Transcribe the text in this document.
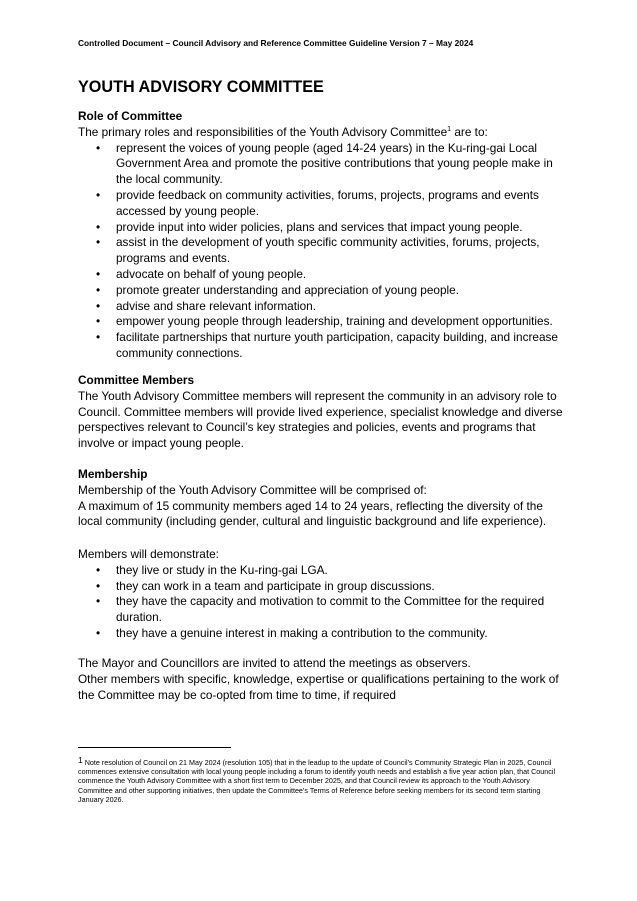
Controlled Document – Council Advisory and Reference Committee Guideline Version 7 – May 2024
YOUTH ADVISORY COMMITTEE

Role of Committee

The primary roles and responsibilities of the Youth Advisory Committee$^1$ are to:

• represent the voices of young people (aged 14-24 years) in the Ku-ring-gai Local Government Area and promote the positive contributions that young people make in the local community.
• provide feedback on community activities, forums, projects, programs and events accessed by young people.
• provide input into wider policies, plans and services that impact young people.
• assist in the development of youth specific community activities, forums, projects, programs and events.
• advocate on behalf of young people.
• promote greater understanding and appreciation of young people.
• advise and share relevant information.
• empower young people through leadership, training and development opportunities.
• facilitate partnerships that nurture youth participation, capacity building, and increase community connections.

Committee Members

The Youth Advisory Committee members will represent the community in an advisory role to Council. Committee members will provide lived experience, specialist knowledge and diverse perspectives relevant to Council’s key strategies and policies, events and programs that involve or impact young people.

Membership

Membership of the Youth Advisory Committee will be comprised of:

A maximum of 15 community members aged 14 to 24 years, reflecting the diversity of the local community (including gender, cultural and linguistic background and life experience).

Members will demonstrate:

• they live or study in the Ku-ring-gai LGA.
• they can work in a team and participate in group discussions.
• they have the capacity and motivation to commit to the Committee for the required duration.
• they have a genuine interest in making a contribution to the community.

The Mayor and Councillors are invited to attend the meetings as observers.

Other members with specific, knowledge, expertise or qualifications pertaining to the work of the Committee may be co-opted from time to time, if required

$^1$ Note resolution of Council on 21 May 2024 (resolution 105) that in the leadup to the update of Council’s Community Strategic Plan in 2025, Council commences extensive consultation with local young people including a forum to identify youth needs and establish a five year action plan, that Council commence the Youth Advisory Committee with a short first term to December 2025, and that Council review its approach to the Youth Advisory Committee and other supporting initiatives, then update the Committee’s Terms of Reference before seeking members for its second term starting January 2026.
